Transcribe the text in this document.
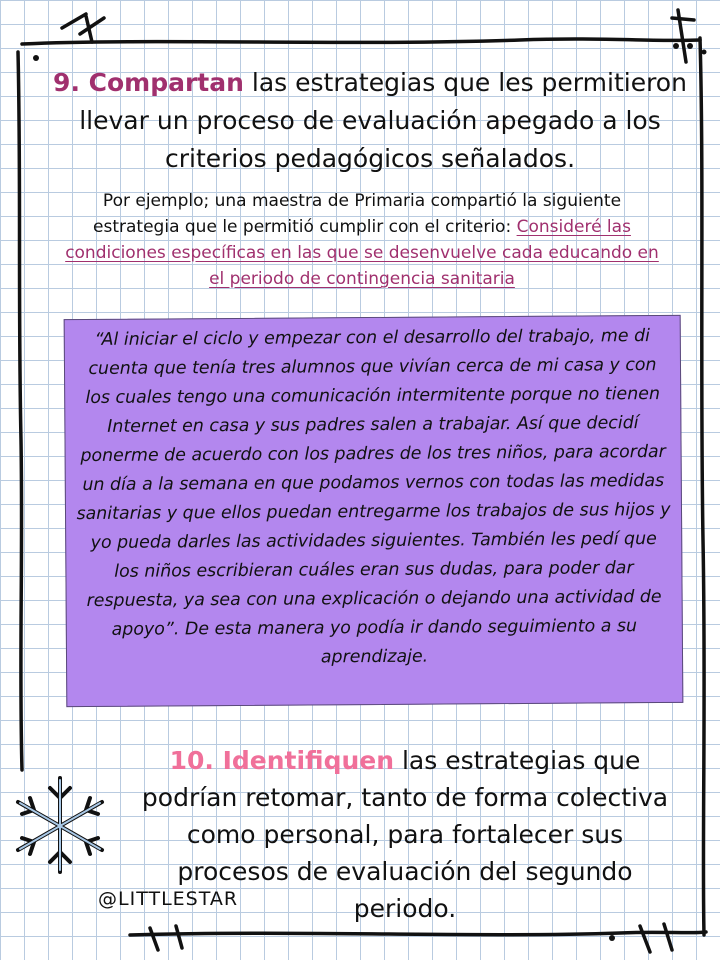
9. Compartan las estrategias que les permitieron llevar un proceso de evaluación apegado a los criterios pedagógicos señalados.
Por ejemplo; una maestra de Primaria compartió la siguiente estrategia que le permitió cumplir con el criterio: Consideré las condiciones específicas en las que se desenvuelve cada educando en el periodo de contingencia sanitaria
“Al iniciar el ciclo y empezar con el desarrollo del trabajo, me di cuenta que tenía tres alumnos que vivían cerca de mi casa y con los cuales tengo una comunicación intermitente porque no tienen Internet en casa y sus padres salen a trabajar. Así que decidí ponerme de acuerdo con los padres de los tres niños, para acordar un día a la semana en que podamos vernos con todas las medidas sanitarias y que ellos puedan entregarme los trabajos de sus hijos y yo pueda darles las actividades siguientes. También les pedí que los niños escribieran cuáles eran sus dudas, para poder dar respuesta, ya sea con una explicación o dejando una actividad de apoyo”. De esta manera yo podía ir dando seguimiento a su aprendizaje.
10. Identifiquen las estrategias que podrían retomar, tanto de forma colectiva como personal, para fortalecer sus procesos de evaluación del segundo periodo.
@LITTLESTAR
